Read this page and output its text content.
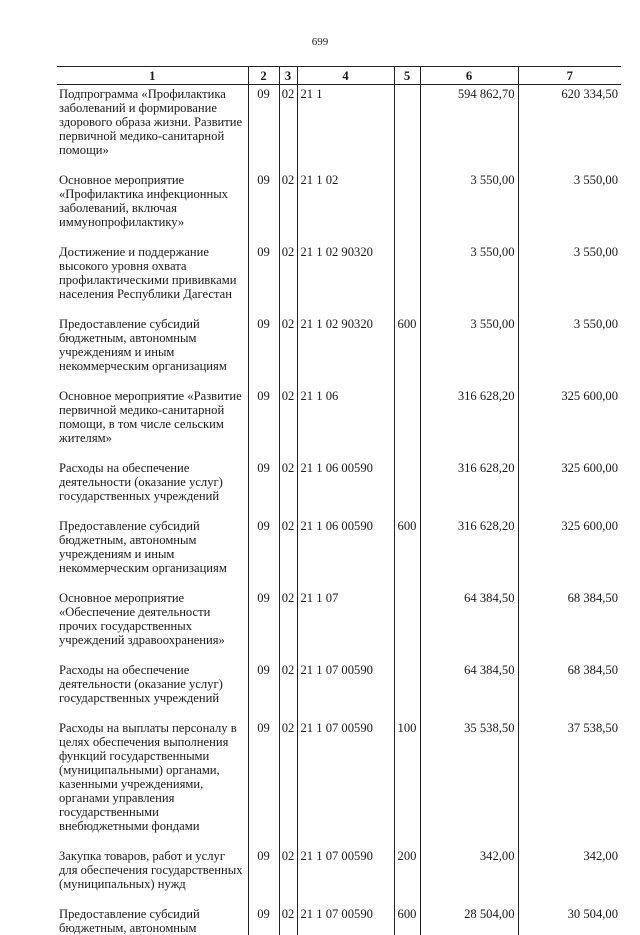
699
1	2	3	4	5	6	7
Подпрограмма «Профилактика заболеваний и формирование здорового образа жизни. Развитие первичной медико-санитарной помощи»	09	02	21 1		594 862,70	620 334,50
Основное мероприятие «Профилактика инфекционных заболеваний, включая иммунопрофилактику»	09	02	21 1 02		3 550,00	3 550,00
Достижение и поддержание высокого уровня охвата профилактическими прививками населения Республики Дагестан	09	02	21 1 02 90320		3 550,00	3 550,00
Предоставление субсидий бюджетным, автономным учреждениям и иным некоммерческим организациям	09	02	21 1 02 90320	600	3 550,00	3 550,00
Основное мероприятие «Развитие первичной медико-санитарной помощи, в том числе сельским жителям»	09	02	21 1 06		316 628,20	325 600,00
Расходы на обеспечение деятельности (оказание услуг) государственных учреждений	09	02	21 1 06 00590		316 628,20	325 600,00
Предоставление субсидий бюджетным, автономным учреждениям и иным некоммерческим организациям	09	02	21 1 06 00590	600	316 628,20	325 600,00
Основное мероприятие «Обеспечение деятельности прочих государственных учреждений здравоохранения»	09	02	21 1 07		64 384,50	68 384,50
Расходы на обеспечение деятельности (оказание услуг) государственных учреждений	09	02	21 1 07 00590		64 384,50	68 384,50
Расходы на выплаты персоналу в целях обеспечения выполнения функций государственными (муниципальными) органами, казенными учреждениями, органами управления государственными внебюджетными фондами	09	02	21 1 07 00590	100	35 538,50	37 538,50
Закупка товаров, работ и услуг для обеспечения государственных (муниципальных) нужд	09	02	21 1 07 00590	200	342,00	342,00
Предоставление субсидий бюджетным, автономным	09	02	21 1 07 00590	600	28 504,00	30 504,00
